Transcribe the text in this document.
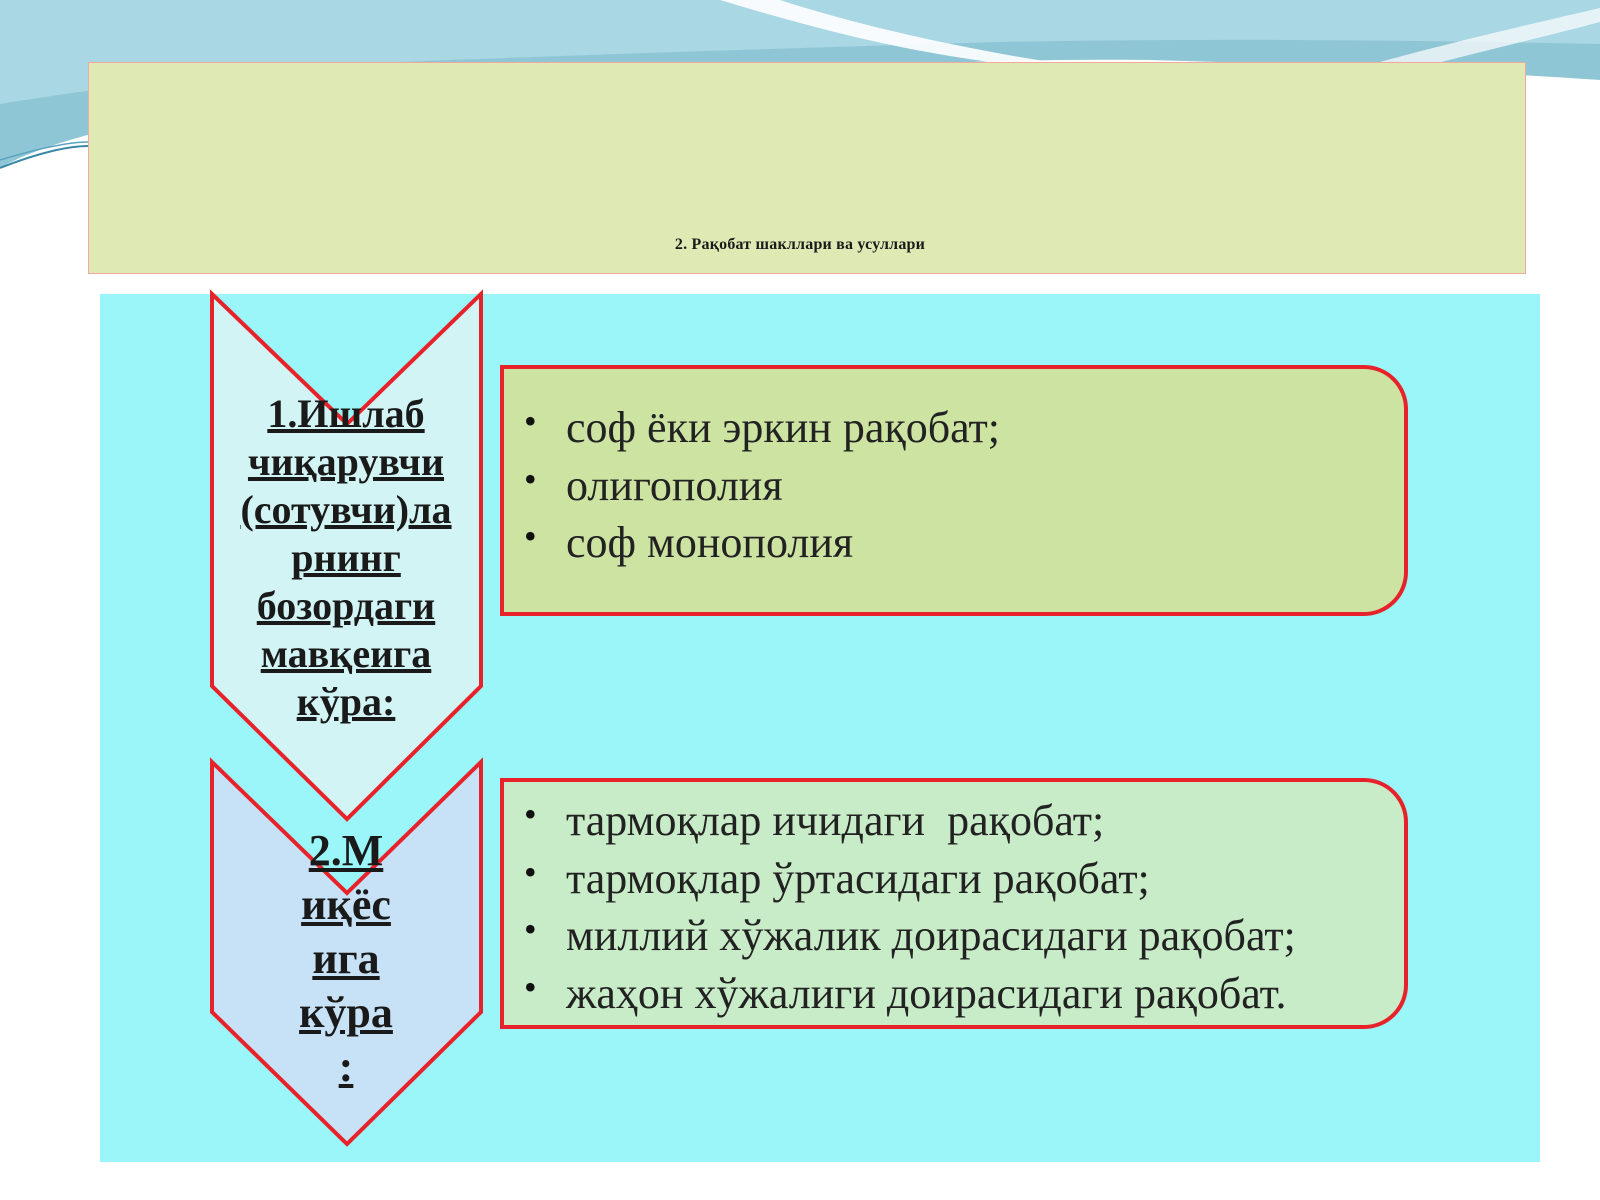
2. Рақобат шакллари ва усуллари
1.Ишлаб
чиқарувчи
(сотувчи)ла
рнинг
бозордаги
мавқеига
кўра:
2.М
иқёс
ига
кўра
:
• соф ёки эркин рақобат;
• олигополия
• соф монополия
• тармоқлар ичидаги  рақобат;
• тармоқлар ўртасидаги рақобат;
• миллий хўжалик доирасидаги рақобат;
• жаҳон хўжалиги доирасидаги рақобат.
